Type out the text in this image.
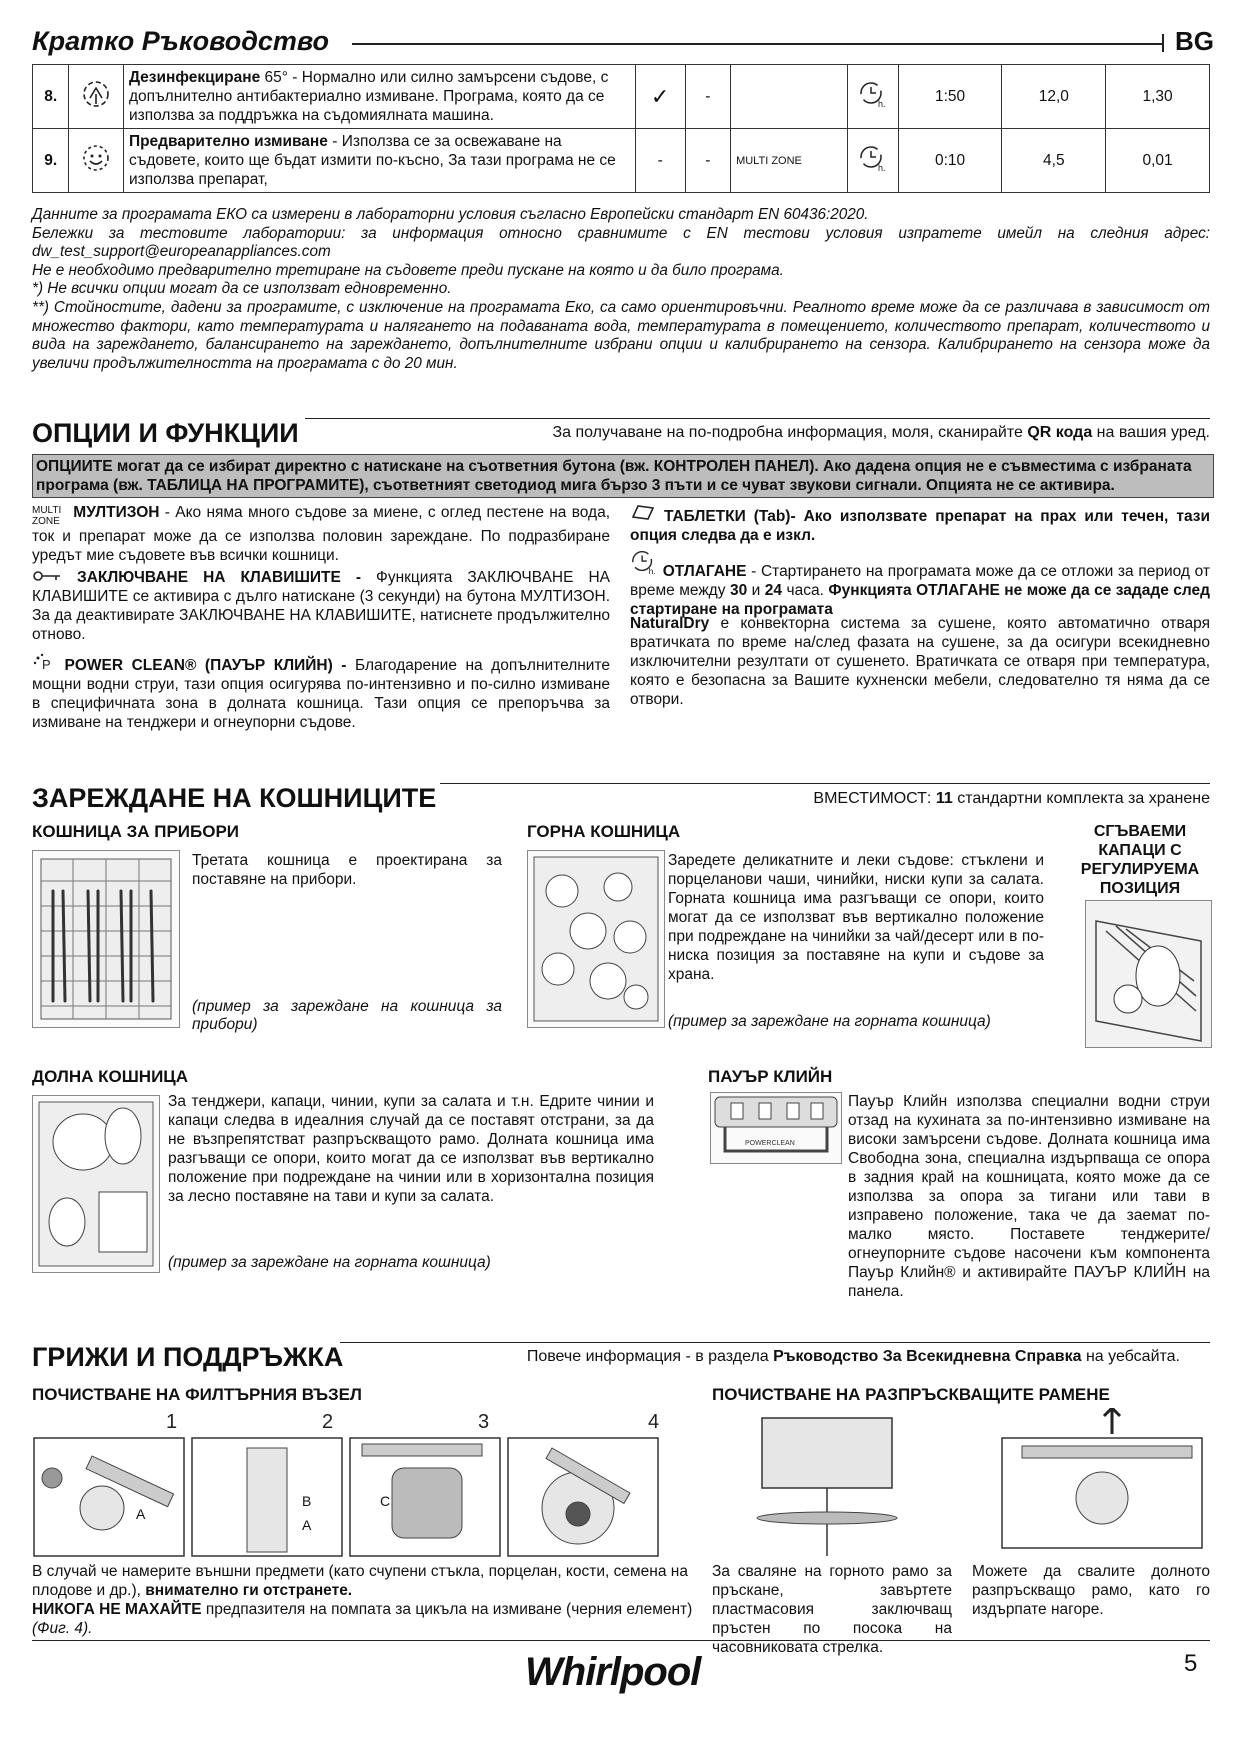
Кратко Ръководство	BG
8.		Дезинфекциране 65° - Нормално или силно замърсени съдове, с допълнително антибактериално измиване. Програма, която да се използва за поддръжка на съдомиялната машина.	✓	-		h.	1:50	12,0	1,30
9.		Предварително измиване - Използва се за освежаване на съдовете, които ще бъдат измити по-късно, За тази програма не се използва препарат,	-	-	MULTI ZONE	h.	0:10	4,5	0,01
Данните за програмата ЕКО са измерени в лабораторни условия съгласно Европейски стандарт EN 60436:2020.
Бележки за тестовите лаборатории: за информация относно сравнимите с EN тестови условия изпратете имейл на следния адрес: dw_test_support@europeanappliances.com
Не е необходимо предварително третиране на съдовете преди пускане на която и да било програма.
*) Не всички опции могат да се използват едновременно.
**) Стойностите, дадени за програмите, с изключение на програмата Еко, са само ориентировъчни. Реалното време може да се различава в зависимост от множество фактори, като температурата и налягането на подаваната вода, температурата в помещението, количеството препарат, количеството и вида на зареждането, балансирането на зареждането, допълнителните избрани опции и калибрирането на сензора. Калибрирането на сензора може да увеличи продължителността на програмата с до 20 мин.
ОПЦИИ И ФУНКЦИИ	За получаване на по-подробна информация, моля, сканирайте QR кода на вашия уред.
ОПЦИИТЕ могат да се избират директно с натискане на съответния бутона (вж. КОНТРОЛЕН ПАНЕЛ). Ако дадена опция не е съвместима с избраната програма (вж. ТАБЛИЦА НА ПРОГРАМИТЕ), съответният светодиод мига бързо 3 пъти и се чуват звукови сигнали. Опцията не се активира.
MULTI ZONE МУЛТИЗОН - Ако няма много съдове за миене, с оглед пестене на вода, ток и препарат може да се използва половин зареждане. По подразбиране уредът мие съдовете във всички кошници.
ЗАКЛЮЧВАНЕ НА КЛАВИШИТЕ - Функцията ЗАКЛЮЧВАНЕ НА КЛАВИШИТЕ се активира с дълго натискане (3 секунди) на бутона МУЛТИЗОН. За да деактивирате ЗАКЛЮЧВАНЕ НА КЛАВИШИТЕ, натиснете продължително отново.
P POWER CLEAN® (ПАУЪР КЛИЙН) - Благодарение на допълнителните мощни водни струи, тази опция осигурява по-интензивно и по-силно измиване в специфичната зона в долната кошница. Тази опция се препоръчва за измиване на тенджери и огнеупорни съдове.
ТАБЛЕТКИ (Tab)- Ако използвате препарат на прах или течен, тази опция следва да е изкл.
h. ОТЛАГАНЕ - Стартирането на програмата може да се отложи за период от време между 30 и 24 часа. Функцията ОТЛАГАНЕ не може да се зададе след стартиране на програмата
NaturalDry е конвекторна система за сушене, която автоматично отваря вратичката по време на/след фазата на сушене, за да осигури всекидневно изключителни резултати от сушенето. Вратичката се отваря при температура, която е безопасна за Вашите кухненски мебели, следователно тя няма да се отвори.
ЗАРЕЖДАНЕ НА КОШНИЦИТЕ	ВМЕСТИМОСТ: 11 стандартни комплекта за хранене
КОШНИЦА ЗА ПРИБОРИ
Третата кошница е проектирана за поставяне на прибори.
(пример за зареждане на кошница за прибори)
ГОРНА КОШНИЦА
Заредете деликатните и леки съдове: стъклени и порцеланови чаши, чинийки, ниски купи за салата. Горната кошница има разгъващи се опори, които могат да се използват във вертикално положение при подреждане на чинийки за чай/десерт или в по-ниска позиция за поставяне на купи и съдове за храна.
(пример за зареждане на горната кошница)
СГЪВАЕМИ КАПАЦИ С РЕГУЛИРУЕМА ПОЗИЦИЯ
ДОЛНА КОШНИЦА
За тенджери, капаци, чинии, купи за салата и т.н. Едрите чинии и капаци следва в идеалния случай да се поставят отстрани, за да не възпрепятстват разпръскващото рамо. Долната кошница има разгъващи се опори, които могат да се използват във вертикално положение при подреждане на чинии или в хоризонтална позиция за лесно поставяне на тави и купи за салата.
(пример за зареждане на горната кошница)
ПАУЪР КЛИЙН
POWERCLEAN
Пауър Клийн използва специални водни струи отзад на кухината за по-интензивно измиване на високи замърсени съдове. Долната кошница има Свободна зона, специална издърпваща се опора в задния край на кошницата, която може да се използва за опора за тигани или тави в изправено положение, така че да заемат по-малко място. Поставете тенджерите/огнеупорните съдове насочени към компонента Пауър Клийн® и активирайте ПАУЪР КЛИЙН на панела.
ГРИЖИ И ПОДДРЪЖКА	Повече информация - в раздела Ръководство За Всекидневна Справка на уебсайта.
ПОЧИСТВАНЕ НА ФИЛТЪРНИЯ ВЪЗЕЛ
1	2	3	4
A
B
A
C
В случай че намерите външни предмети (като счупени стъкла, порцелан, кости, семена на плодове и др.), внимателно ги отстранете.
НИКОГА НЕ МАХАЙТЕ предпазителя на помпата за цикъла на измиване (черния елемент) (Фиг. 4).
ПОЧИСТВАНЕ НА РАЗПРЪСКВАЩИТЕ РАМЕНЕ
За сваляне на горното рамо за пръскане, завъртете пластмасовия заключващ пръстен по посока на часовниковата стрелка.
Можете да свалите долното разпръскващо рамо, като го издърпате нагоре.
Whirlpool	5
